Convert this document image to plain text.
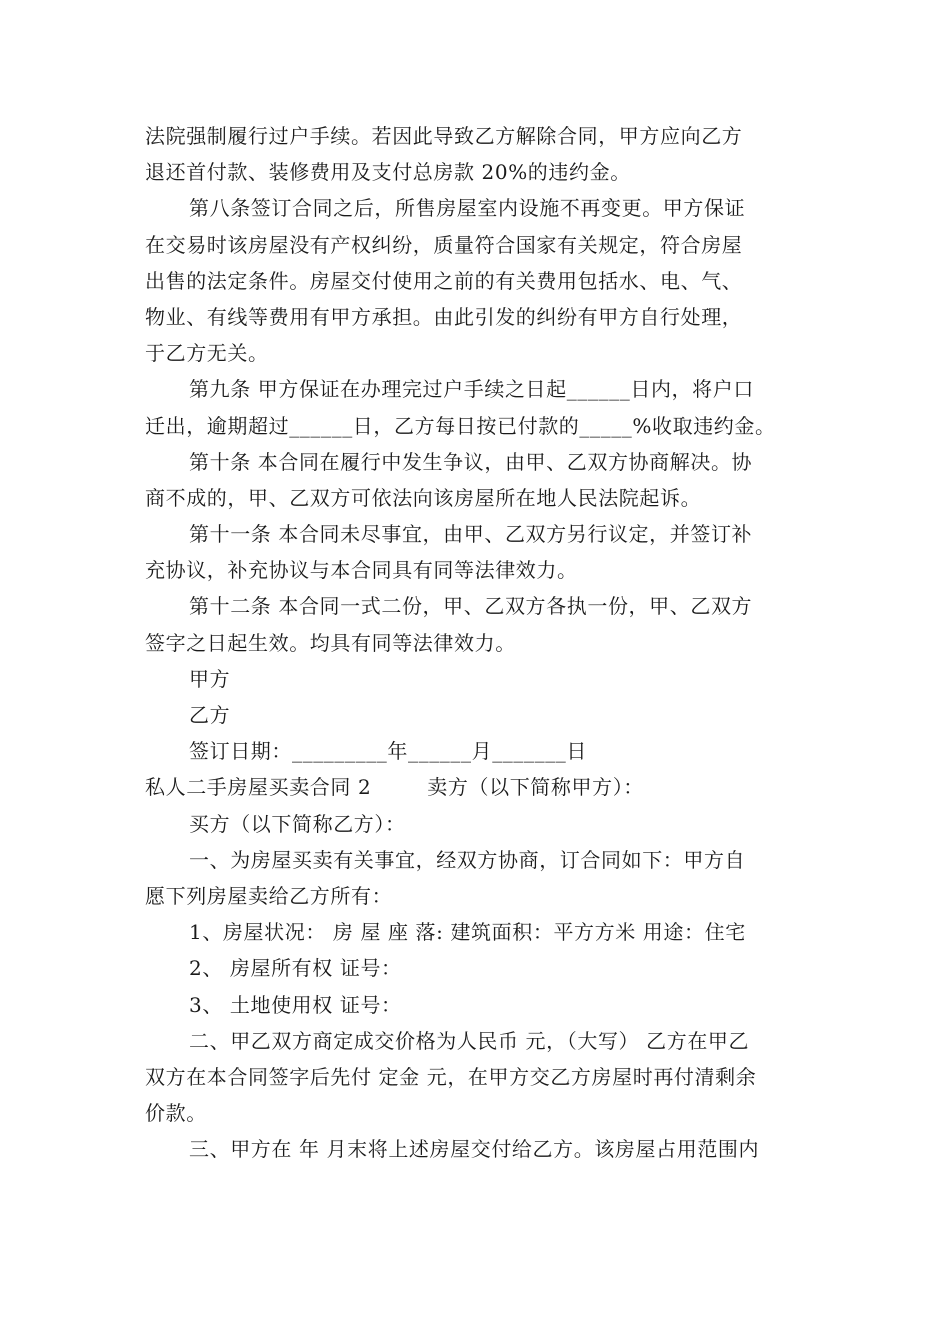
法院强制履行过户手续。若因此导致乙方解除合同，甲方应向乙方
退还首付款、装修费用及支付总房款 20%的违约金。
第八条签订合同之后，所售房屋室内设施不再变更。甲方保证
在交易时该房屋没有产权纠纷，质量符合国家有关规定，符合房屋
出售的法定条件。房屋交付使用之前的有关费用包括水、电、气、
物业、有线等费用有甲方承担。由此引发的纠纷有甲方自行处理，
于乙方无关。
第九条 甲方保证在办理完过户手续之日起______日内，将户口
迁出，逾期超过______日，乙方每日按已付款的_____%收取违约金。
第十条 本合同在履行中发生争议，由甲、乙双方协商解决。协
商不成的，甲、乙双方可依法向该房屋所在地人民法院起诉。
第十一条 本合同未尽事宜，由甲、乙双方另行议定，并签订补
充协议，补充协议与本合同具有同等法律效力。
第十二条 本合同一式二份，甲、乙双方各执一份，甲、乙双方
签字之日起生效。均具有同等法律效力。
甲方
乙方
签订日期：_________年______月_______日
私人二手房屋买卖合同 2	卖方（以下简称甲方）：
买方（以下简称乙方）：
一、为房屋买卖有关事宜，经双方协商，订合同如下：甲方自
愿下列房屋卖给乙方所有：
1、房屋状况： 房 屋 座 落: 建筑面积：平方方米 用途：住宅
2、 房屋所有权 证号：
3、 土地使用权 证号：
二、甲乙双方商定成交价格为人民币 元，（大写） 乙方在甲乙
双方在本合同签字后先付 定金 元，在甲方交乙方房屋时再付清剩余
价款。
三、甲方在 年 月末将上述房屋交付给乙方。该房屋占用范围内
